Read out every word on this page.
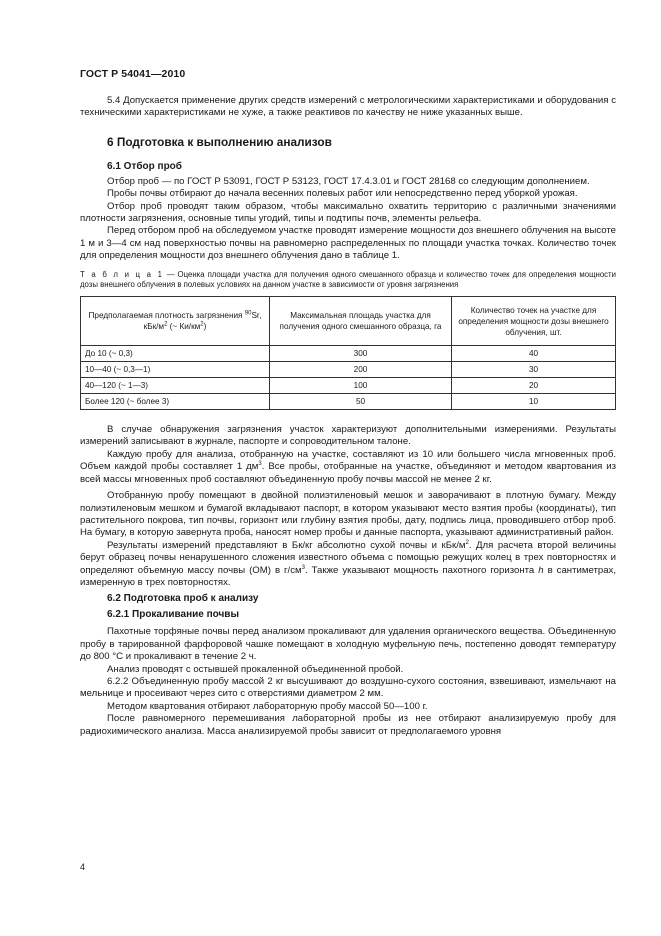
ГОСТ Р 54041—2010

5.4 Допускается применение других средств измерений с метрологическими характеристиками и оборудования с техническими характеристиками не хуже, а также реактивов по качеству не ниже указанных выше.

6 Подготовка к выполнению анализов
6.1 Отбор проб

Отбор проб — по ГОСТ Р 53091, ГОСТ Р 53123, ГОСТ 17.4.3.01 и ГОСТ 28168 со следующим дополнением.

Пробы почвы отбирают до начала весенних полевых работ или непосредственно перед уборкой урожая.

Отбор проб проводят таким образом, чтобы максимально охватить территорию с различными значениями плотности загрязнения, основные типы угодий, типы и подтипы почв, элементы рельефа.

Перед отбором проб на обследуемом участке проводят измерение мощности доз внешнего облучения на высоте 1 м и 3—4 см над поверхностью почвы на равномерно распределенных по площади участка точках. Количество точек для определения мощности доз внешнего облучения дано в таблице 1.

Т а б л и ц а 1 — Оценка площади участка для получения одного смешанного образца и количество точек для определения мощности дозы внешнего облучения в полевых условиях на данном участке в зависимости от уровня загрязнения

Предполагаемая плотность загрязнения $^{90}$Sr, кБк/$м^2$ (~ $Ки/км^2$)	Максимальная площадь участка для получения одного смешанного образца, га	Количество точек на участке для определения мощности дозы внешнего облучения, шт.
До 10 (~ 0,3)	300	40
10—40 (~ 0,3—1)	200	30
40—120 (~ 1—3)	100	20
Более 120 (~ более 3)	50	10

В случае обнаружения загрязнения участок характеризуют дополнительными измерениями. Результаты измерений записывают в журнале, паспорте и сопроводительном талоне.

Каждую пробу для анализа, отобранную на участке, составляют из 10 или большего числа мгновенных проб. Объем каждой пробы составляет 1 $дм^3$. Все пробы, отобранные на участке, объединяют и методом квартования из всей массы мгновенных проб составляют объединенную пробу почвы массой не менее 2 кг.

Отобранную пробу помещают в двойной полиэтиленовый мешок и заворачивают в плотную бумагу. Между полиэтиленовым мешком и бумагой вкладывают паспорт, в котором указывают место взятия пробы (координаты), тип растительного покрова, тип почвы, горизонт или глубину взятия пробы, дату, подпись лица, проводившего отбор проб. На бумагу, в которую завернута проба, наносят номер пробы и данные паспорта, указывают административный район.

Результаты измерений представляют в Бк/кг абсолютно сухой почвы и кБк/$м^2$. Для расчета второй величины берут образец почвы ненарушенного сложения известного объема с помощью режущих колец в трех повторностях и определяют объемную массу почвы (ОМ) в $г/см^3$. Также указывают мощность пахотного горизонта h в сантиметрах, измеренную в трех повторностях.

6.2 Подготовка проб к анализу
6.2.1 Прокаливание почвы

Пахотные торфяные почвы перед анализом прокаливают для удаления органического вещества. Объединенную пробу в тарированной фарфоровой чашке помещают в холодную муфельную печь, постепенно доводят температуру до 800 °С и прокаливают в течение 2 ч.

Анализ проводят с остывшей прокаленной объединенной пробой.

6.2.2 Объединенную пробу массой 2 кг высушивают до воздушно-сухого состояния, взвешивают, измельчают на мельнице и просеивают через сито с отверстиями диаметром 2 мм.

Методом квартования отбирают лабораторную пробу массой 50—100 г.

После равномерного перемешивания лабораторной пробы из нее отбирают анализируемую пробу для радиохимического анализа. Масса анализируемой пробы зависит от предполагаемого уровня

4
